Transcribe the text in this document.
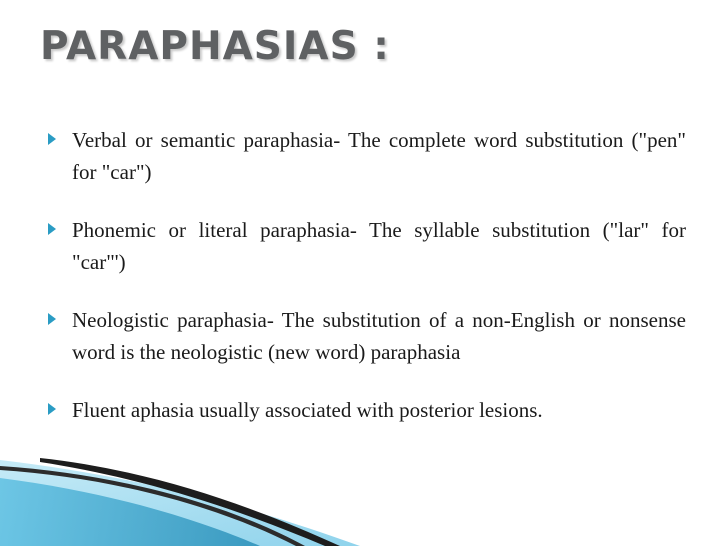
PARAPHASIAS :
Verbal or semantic paraphasia- The complete word substitution ("pen" for "car")
Phonemic or literal paraphasia- The syllable substitution ("lar" for "car"')
Neologistic paraphasia- The substitution of a non-English or nonsense word is the neologistic (new word) paraphasia
Fluent aphasia usually associated with posterior lesions.
